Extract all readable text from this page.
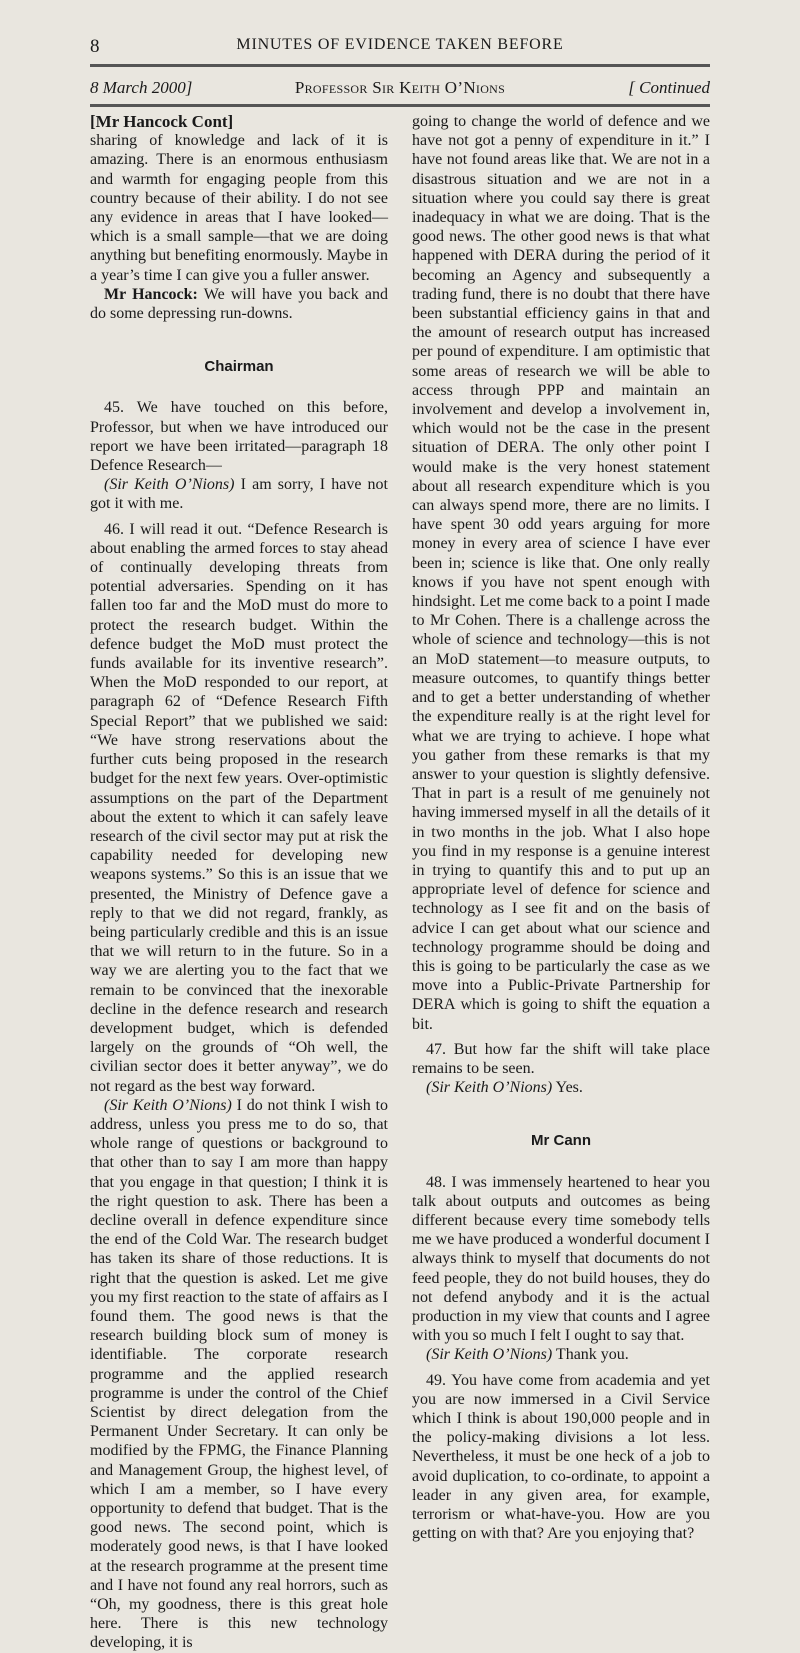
8	MINUTES OF EVIDENCE TAKEN BEFORE
8 March 2000]	Professor Sir Keith O’Nions	[ Continued

[Mr Hancock Cont]

sharing of knowledge and lack of it is amazing. There is an enormous enthusiasm and warmth for engaging people from this country because of their ability. I do not see any evidence in areas that I have looked—which is a small sample—that we are doing anything but benefiting enormously. Maybe in a year’s time I can give you a fuller answer.

Mr Hancock: We will have you back and do some depressing run-downs.

Chairman

45. We have touched on this before, Professor, but when we have introduced our report we have been irritated—paragraph 18 Defence Research—

(Sir Keith O’Nions) I am sorry, I have not got it with me.

46. I will read it out. “Defence Research is about enabling the armed forces to stay ahead of continually developing threats from potential adversaries. Spending on it has fallen too far and the MoD must do more to protect the research budget. Within the defence budget the MoD must protect the funds available for its inventive research”. When the MoD responded to our report, at paragraph 62 of “Defence Research Fifth Special Report” that we published we said: “We have strong reservations about the further cuts being proposed in the research budget for the next few years. Over-optimistic assumptions on the part of the Department about the extent to which it can safely leave research of the civil sector may put at risk the capability needed for developing new weapons systems.” So this is an issue that we presented, the Ministry of Defence gave a reply to that we did not regard, frankly, as being particularly credible and this is an issue that we will return to in the future. So in a way we are alerting you to the fact that we remain to be convinced that the inexorable decline in the defence research and research development budget, which is defended largely on the grounds of “Oh well, the civilian sector does it better anyway”, we do not regard as the best way forward.

(Sir Keith O’Nions) I do not think I wish to address, unless you press me to do so, that whole range of questions or background to that other than to say I am more than happy that you engage in that question; I think it is the right question to ask. There has been a decline overall in defence expenditure since the end of the Cold War. The research budget has taken its share of those reductions. It is right that the question is asked. Let me give you my first reaction to the state of affairs as I found them. The good news is that the research building block sum of money is identifiable. The corporate research programme and the applied research programme is under the control of the Chief Scientist by direct delegation from the Permanent Under Secretary. It can only be modified by the FPMG, the Finance Planning and Management Group, the highest level, of which I am a member, so I have every opportunity to defend that budget. That is the good news. The second point, which is moderately good news, is that I have looked at the research programme at the present time and I have not found any real horrors, such as “Oh, my goodness, there is this great hole here. There is this new technology developing, it is

going to change the world of defence and we have not got a penny of expenditure in it.” I have not found areas like that. We are not in a disastrous situation and we are not in a situation where you could say there is great inadequacy in what we are doing. That is the good news. The other good news is that what happened with DERA during the period of it becoming an Agency and subsequently a trading fund, there is no doubt that there have been substantial efficiency gains in that and the amount of research output has increased per pound of expenditure. I am optimistic that some areas of research we will be able to access through PPP and maintain an involvement and develop a involvement in, which would not be the case in the present situation of DERA. The only other point I would make is the very honest statement about all research expenditure which is you can always spend more, there are no limits. I have spent 30 odd years arguing for more money in every area of science I have ever been in; science is like that. One only really knows if you have not spent enough with hindsight. Let me come back to a point I made to Mr Cohen. There is a challenge across the whole of science and technology—this is not an MoD statement—to measure outputs, to measure outcomes, to quantify things better and to get a better understanding of whether the expenditure really is at the right level for what we are trying to achieve. I hope what you gather from these remarks is that my answer to your question is slightly defensive. That in part is a result of me genuinely not having immersed myself in all the details of it in two months in the job. What I also hope you find in my response is a genuine interest in trying to quantify this and to put up an appropriate level of defence for science and technology as I see fit and on the basis of advice I can get about what our science and technology programme should be doing and this is going to be particularly the case as we move into a Public-Private Partnership for DERA which is going to shift the equation a bit.

47. But how far the shift will take place remains to be seen.

(Sir Keith O’Nions) Yes.

Mr Cann

48. I was immensely heartened to hear you talk about outputs and outcomes as being different because every time somebody tells me we have produced a wonderful document I always think to myself that documents do not feed people, they do not build houses, they do not defend anybody and it is the actual production in my view that counts and I agree with you so much I felt I ought to say that.

(Sir Keith O’Nions) Thank you.

49. You have come from academia and yet you are now immersed in a Civil Service which I think is about 190,000 people and in the policy-making divisions a lot less. Nevertheless, it must be one heck of a job to avoid duplication, to co-ordinate, to appoint a leader in any given area, for example, terrorism or what-have-you. How are you getting on with that? Are you enjoying that?
